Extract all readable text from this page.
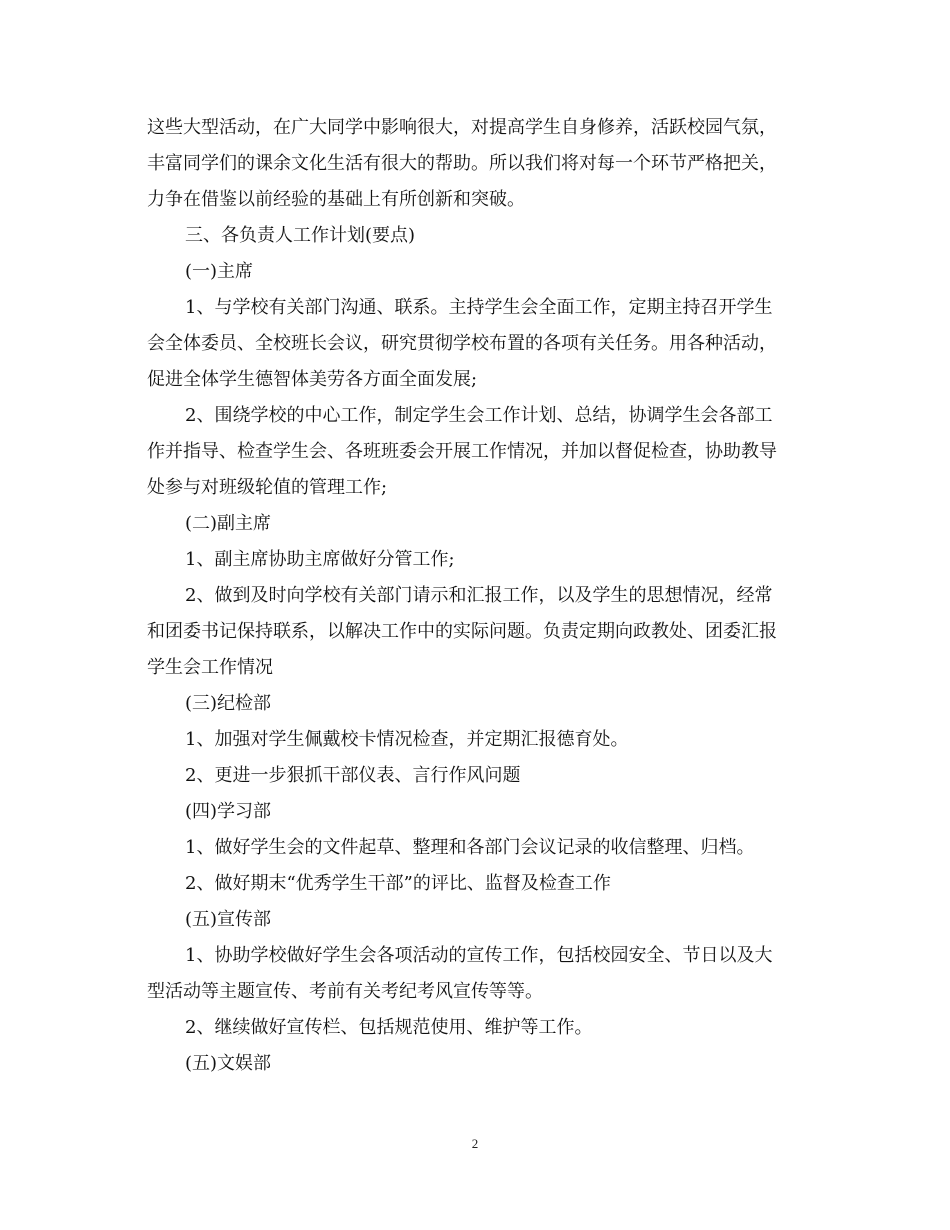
这些大型活动，在广大同学中影响很大，对提高学生自身修养，活跃校园气氛，
丰富同学们的课余文化生活有很大的帮助。所以我们将对每一个环节严格把关，
力争在借鉴以前经验的基础上有所创新和突破。

三、各负责人工作计划(要点)

(一)主席

1、与学校有关部门沟通、联系。主持学生会全面工作，定期主持召开学生
会全体委员、全校班长会议，研究贯彻学校布置的各项有关任务。用各种活动，
促进全体学生德智体美劳各方面全面发展;

2、围绕学校的中心工作，制定学生会工作计划、总结，协调学生会各部工
作并指导、检查学生会、各班班委会开展工作情况，并加以督促检查，协助教导
处参与对班级轮值的管理工作;

(二)副主席

1、副主席协助主席做好分管工作;

2、做到及时向学校有关部门请示和汇报工作，以及学生的思想情况，经常
和团委书记保持联系，以解决工作中的实际问题。负责定期向政教处、团委汇报
学生会工作情况

(三)纪检部

1、加强对学生佩戴校卡情况检查，并定期汇报德育处。

2、更进一步狠抓干部仪表、言行作风问题

(四)学习部

1、做好学生会的文件起草、整理和各部门会议记录的收信整理、归档。

2、做好期末“优秀学生干部”的评比、监督及检查工作

(五)宣传部

1、协助学校做好学生会各项活动的宣传工作，包括校园安全、节日以及大
型活动等主题宣传、考前有关考纪考风宣传等等。

2、继续做好宣传栏、包括规范使用、维护等工作。

(五)文娱部

2
